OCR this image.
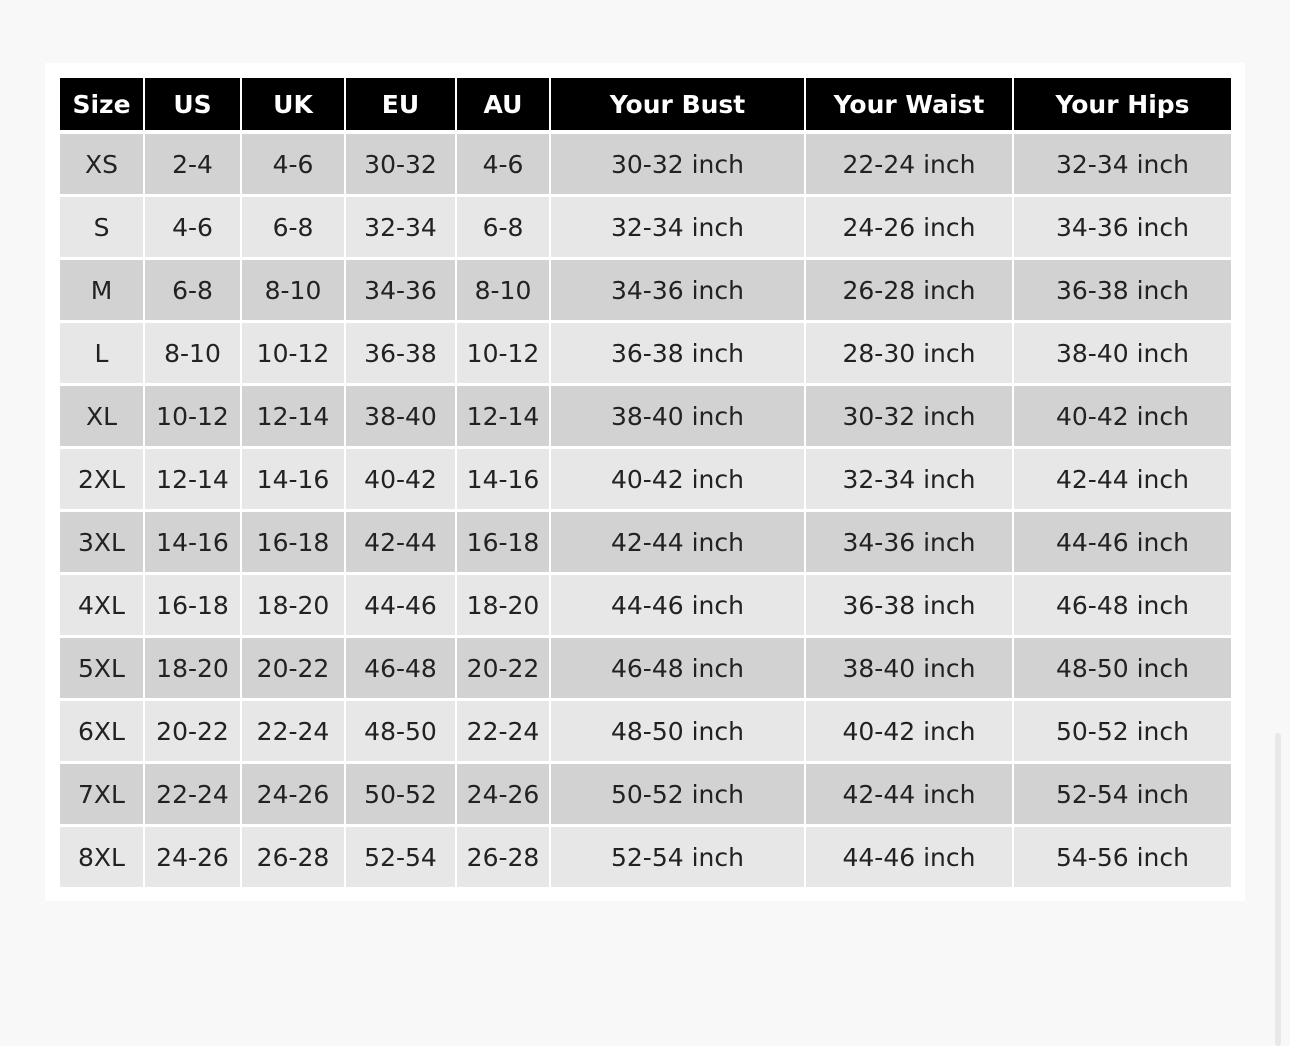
Size	US	UK	EU	AU	Your Bust	Your Waist	Your Hips
XS	2-4	4-6	30-32	4-6	30-32 inch	22-24 inch	32-34 inch
S	4-6	6-8	32-34	6-8	32-34 inch	24-26 inch	34-36 inch
M	6-8	8-10	34-36	8-10	34-36 inch	26-28 inch	36-38 inch
L	8-10	10-12	36-38	10-12	36-38 inch	28-30 inch	38-40 inch
XL	10-12	12-14	38-40	12-14	38-40 inch	30-32 inch	40-42 inch
2XL	12-14	14-16	40-42	14-16	40-42 inch	32-34 inch	42-44 inch
3XL	14-16	16-18	42-44	16-18	42-44 inch	34-36 inch	44-46 inch
4XL	16-18	18-20	44-46	18-20	44-46 inch	36-38 inch	46-48 inch
5XL	18-20	20-22	46-48	20-22	46-48 inch	38-40 inch	48-50 inch
6XL	20-22	22-24	48-50	22-24	48-50 inch	40-42 inch	50-52 inch
7XL	22-24	24-26	50-52	24-26	50-52 inch	42-44 inch	52-54 inch
8XL	24-26	26-28	52-54	26-28	52-54 inch	44-46 inch	54-56 inch
